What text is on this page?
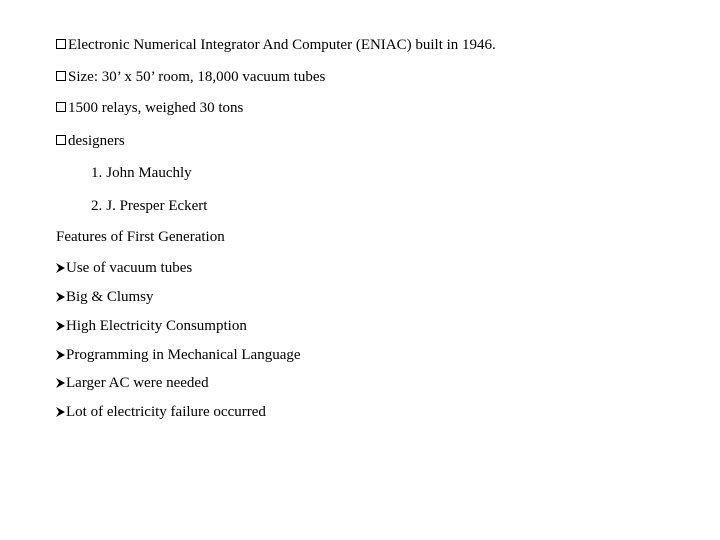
Electronic Numerical Integrator And Computer (ENIAC) built in 1946.
Size: 30’ x 50’ room, 18,000 vacuum tubes
1500 relays, weighed 30 tons
designers
1. John Mauchly
2. J. Presper Eckert
Features of First Generation
Use of vacuum tubes
Big & Clumsy
High Electricity Consumption
Programming in Mechanical Language
Larger AC were needed
Lot of electricity failure occurred
